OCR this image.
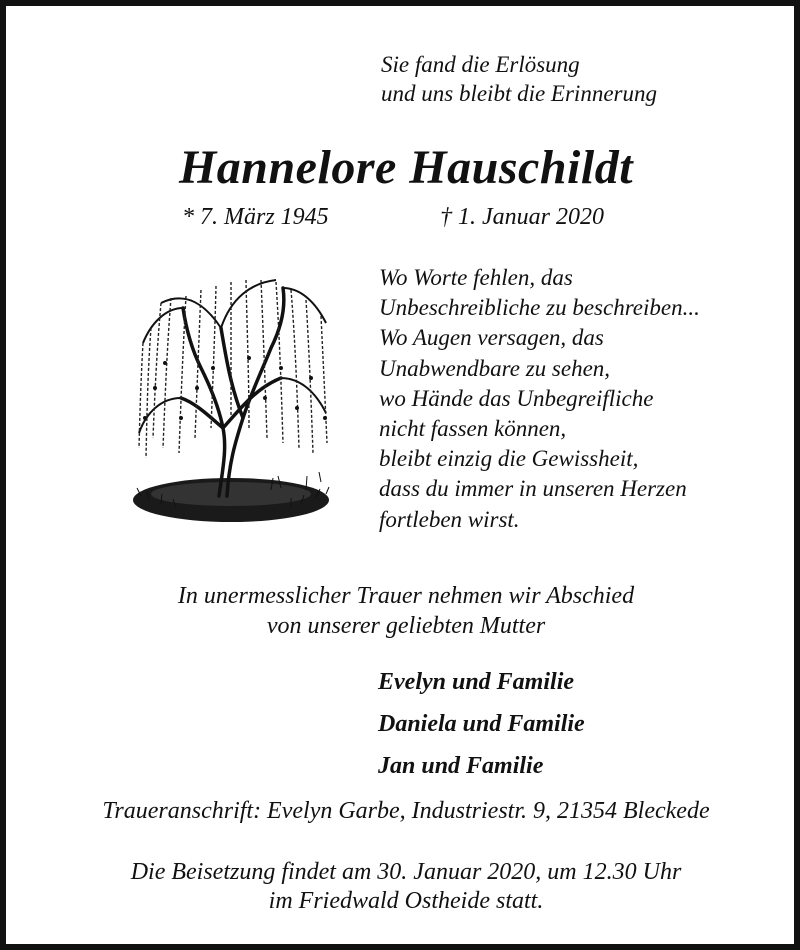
Sie fand die Erlösung
und uns bleibt die Erinnerung
Hannelore Hauschildt
* 7. März 1945	† 1. Januar 2020
Wo Worte fehlen, das
Unbeschreibliche zu beschreiben...
Wo Augen versagen, das
Unabwendbare zu sehen,
wo Hände das Unbegreifliche
nicht fassen können,
bleibt einzig die Gewissheit,
dass du immer in unseren Herzen
fortleben wirst.
In unermesslicher Trauer nehmen wir Abschied
von unserer geliebten Mutter
Evelyn und Familie
Daniela und Familie
Jan und Familie
Traueranschrift: Evelyn Garbe, Industriestr. 9, 21354 Bleckede
Die Beisetzung findet am 30. Januar 2020, um 12.30 Uhr
im Friedwald Ostheide statt.
